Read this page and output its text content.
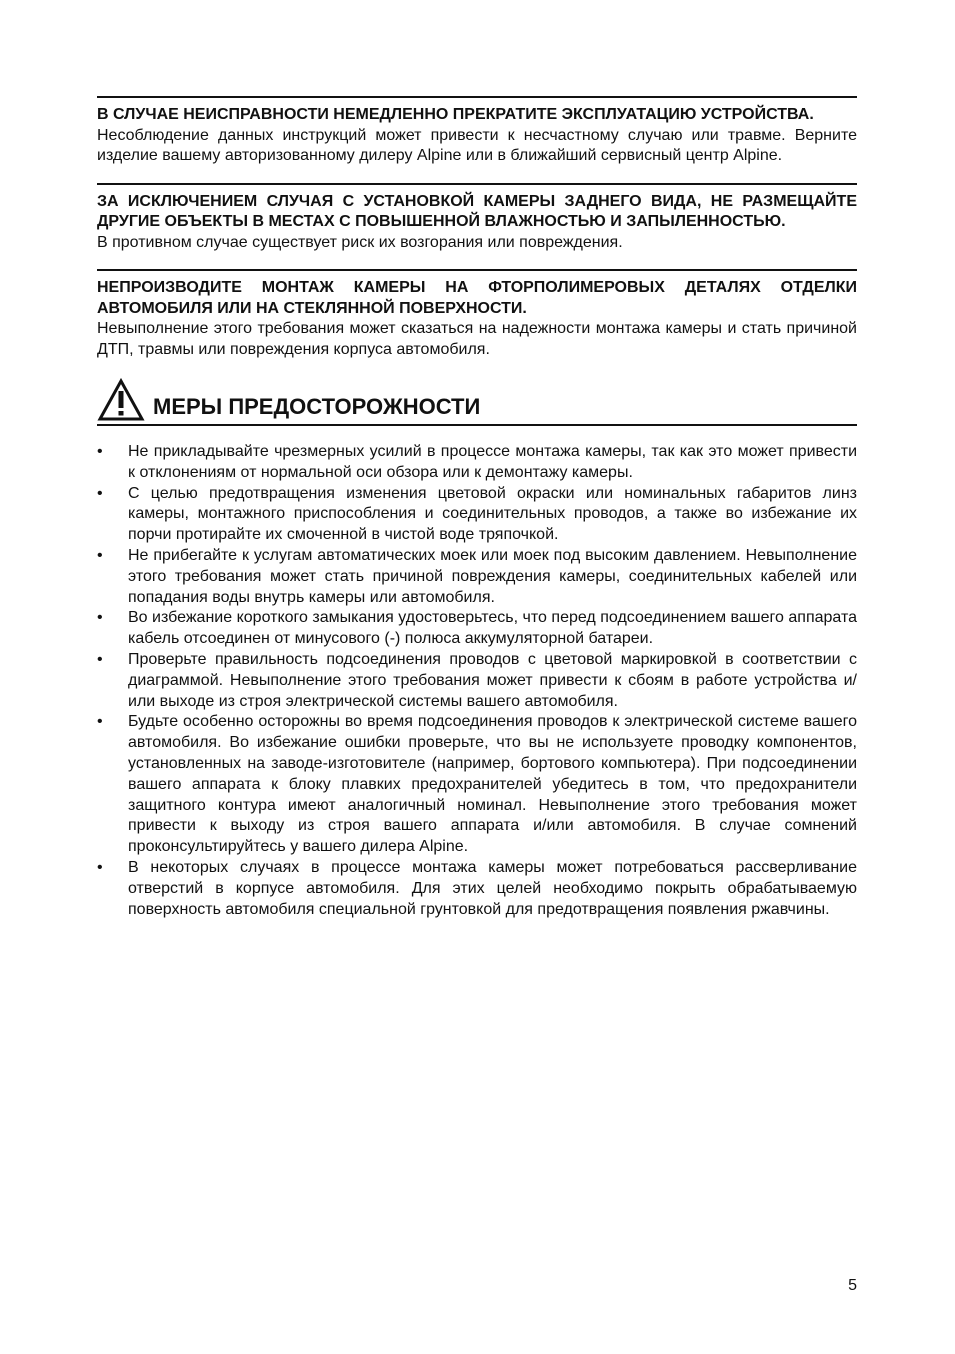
В СЛУЧАЕ НЕИСПРАВНОСТИ НЕМЕДЛЕННО ПРЕКРАТИТЕ ЭКСПЛУАТАЦИЮ УСТРОЙСТВА.

Несоблюдение данных инструкций может привести к несчастному случаю или травме. Верните изделие вашему авторизованному дилеру Alpine или в ближайший сервисный центр Alpine.

ЗА ИСКЛЮЧЕНИЕМ СЛУЧАЯ С УСТАНОВКОЙ КАМЕРЫ ЗАДНЕГО ВИДА, НЕ РАЗМЕЩАЙТЕ ДРУГИЕ ОБЪЕКТЫ В МЕСТАХ С ПОВЫШЕННОЙ ВЛАЖНОСТЬЮ И ЗАПЫЛЕННОСТЬЮ.

В противном случае существует риск их возгорания или повреждения.

НЕПРОИЗВОДИТЕ МОНТАЖ КАМЕРЫ НА ФТОРПОЛИМЕРОВЫХ ДЕТАЛЯХ ОТДЕЛКИ АВТОМОБИЛЯ ИЛИ НА СТЕКЛЯННОЙ ПОВЕРХНОСТИ.

Невыполнение этого требования может сказаться на надежности монтажа камеры и стать причиной ДТП, травмы или повреждения корпуса автомобиля.

МЕРЫ ПРЕДОСТОРОЖНОСТИ
• Не прикладывайте чрезмерных усилий в процессе монтажа камеры, так как это может привести к отклонениям от нормальной оси обзора или к демонтажу камеры.
• С целью предотвращения изменения цветовой окраски или номинальных габаритов линз камеры, монтажного приспособления и соединительных проводов, а также во избежание их порчи протирайте их смоченной в чистой воде тряпочкой.
• Не прибегайте к услугам автоматических моек или моек под высоким давлением. Невыполнение этого требования может стать причиной повреждения камеры, соединительных кабелей или попадания воды внутрь камеры или автомобиля.
• Во избежание короткого замыкания удостоверьтесь, что перед подсоединением вашего аппарата кабель отсоединен от минусового (-) полюса аккумуляторной батареи.
• Проверьте правильность подсоединения проводов с цветовой маркировкой в соответствии с диаграммой. Невыполнение этого требования может привести к сбоям в работе устройства и/или выходе из строя электрической системы вашего автомобиля.
• Будьте особенно осторожны во время подсоединения проводов к электрической системе вашего автомобиля. Во избежание ошибки проверьте, что вы не используете проводку компонентов, установленных на заводе-изготовителе (например, бортового компьютера). При подсоединении вашего аппарата к блоку плавких предохранителей убедитесь в том, что предохранители защитного контура имеют аналогичный номинал. Невыполнение этого требования может привести к выходу из строя вашего аппарата и/или автомобиля. В случае сомнений проконсультируйтесь у вашего дилера Alpine.
• В некоторых случаях в процессе монтажа камеры может потребоваться рассверливание отверстий в корпусе автомобиля. Для этих целей необходимо покрыть обрабатываемую поверхность автомобиля специальной грунтовкой для предотвращения появления ржавчины.
5
